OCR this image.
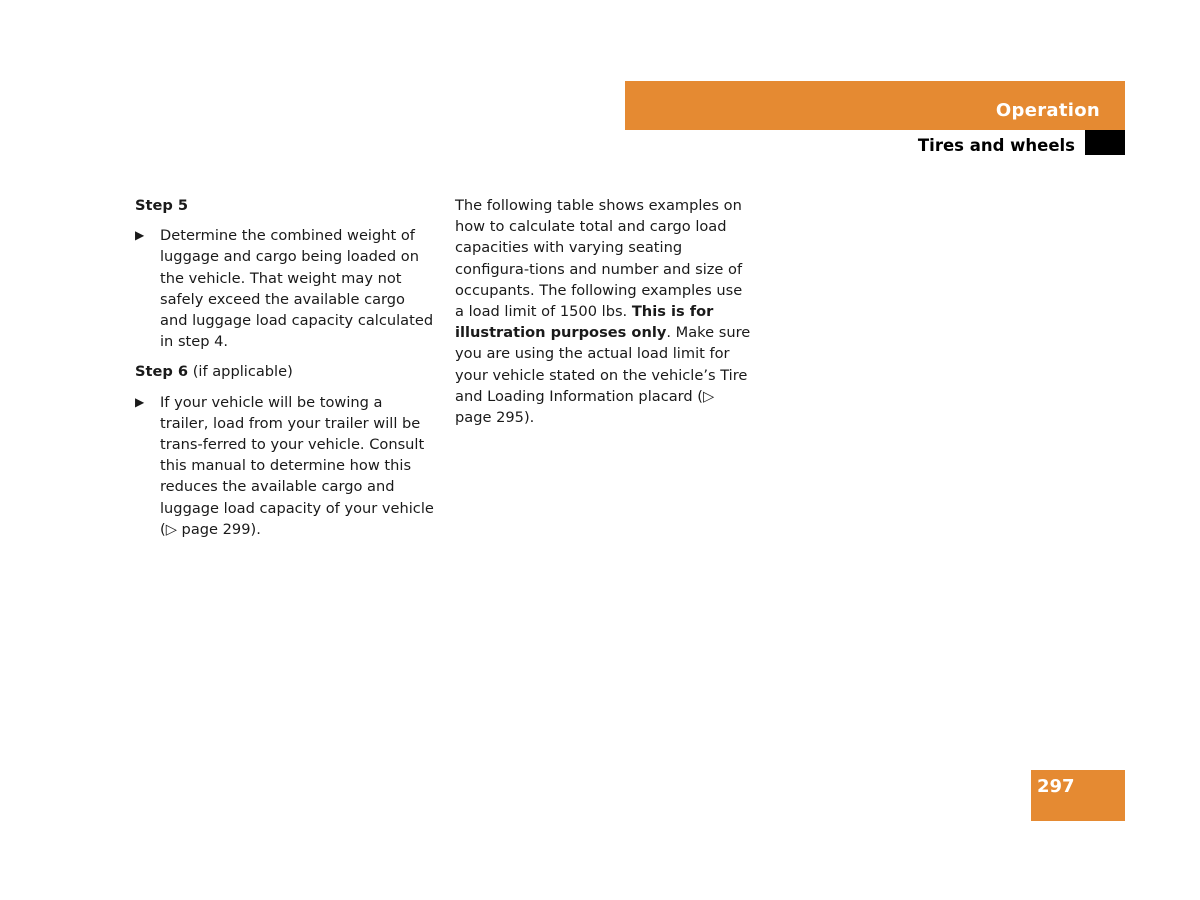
Operation
Tires and wheels

Step 5

▶ Determine the combined weight of luggage and cargo being loaded on the vehicle. That weight may not safely exceed the available cargo and luggage load capacity calculated in step 4.

Step 6 (if applicable)

▶ If your vehicle will be towing a trailer, load from your trailer will be trans-ferred to your vehicle. Consult this manual to determine how this reduces the available cargo and luggage load capacity of your vehicle (▷ page 299).

The following table shows examples on how to calculate total and cargo load capacities with varying seating configura-tions and number and size of occupants. The following examples use a load limit of 1500 lbs. This is for illustration purposes only. Make sure you are using the actual load limit for your vehicle stated on the vehicle’s Tire and Loading Information placard (▷ page 295).

297
